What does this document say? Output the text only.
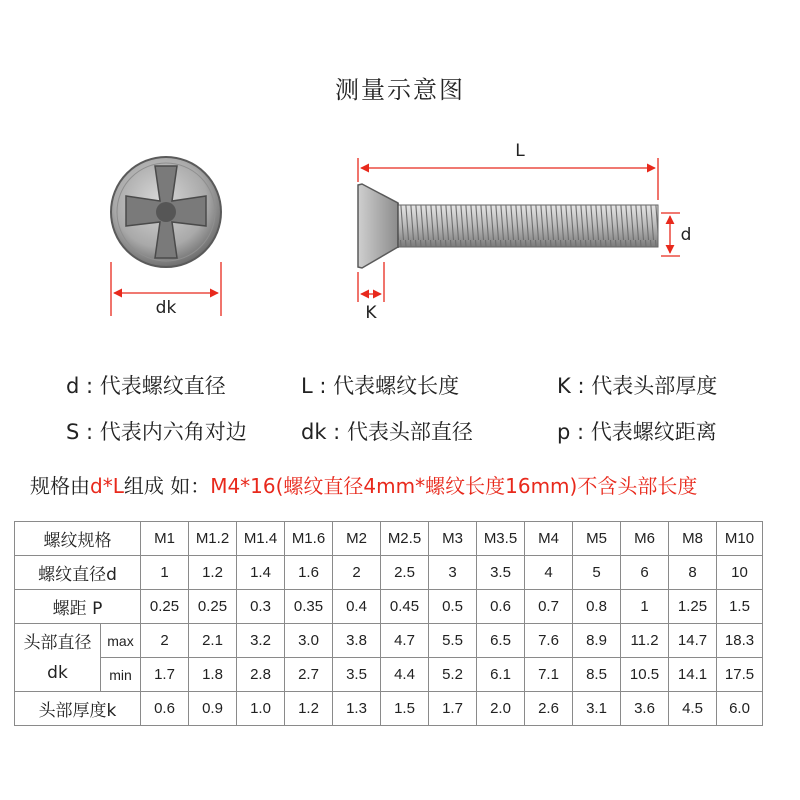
测量示意图
dk
L
d
K
d : 代表螺纹直径	L : 代表螺纹长度	K : 代表头部厚度
S : 代表内六角对边	dk : 代表头部直径	p : 代表螺纹距离
规格由d*L组成 如：M4*16(螺纹直径4mm*螺纹长度16mm)不含头部长度
螺纹规格		M1	M1.2	M1.4	M1.6	M2	M2.5	M3	M3.5	M4	M5	M6	M8	M10
螺纹直径d		1	1.2	1.4	1.6	2	2.5	3	3.5	4	5	6	8	10
螺距 P		0.25	0.25	0.3	0.35	0.4	0.45	0.5	0.6	0.7	0.8	1	1.25	1.5

头部直径
dk	max	2	2.1	3.2	3.0	3.8	4.7	5.5	6.5	7.6	8.9	11.2	14.7	18.3
	min	1.7	1.8	2.8	2.7	3.5	4.4	5.2	6.1	7.1	8.5	10.5	14.1	17.5
头部厚度k		0.6	0.9	1.0	1.2	1.3	1.5	1.7	2.0	2.6	3.1	3.6	4.5	6.0
